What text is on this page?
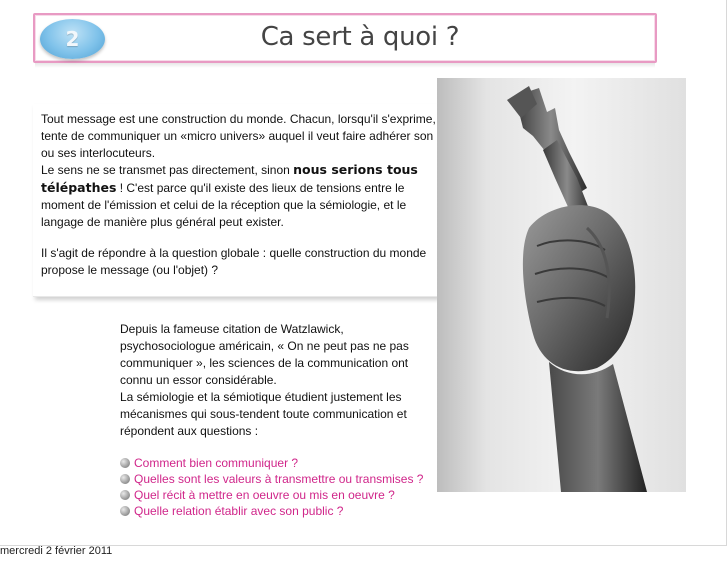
2	Ca sert à quoi ?

Tout message est une construction du monde. Chacun, lorsqu'il s'exprime, tente de communiquer un «micro univers» auquel il veut faire adhérer son ou ses interlocuteurs.

Le sens ne se transmet pas directement, sinon nous serions tous télépathes ! C'est parce qu'il existe des lieux de tensions entre le moment de l'émission et celui de la réception que la sémiologie, et le langage de manière plus général peut exister.

Il s'agit de répondre à la question globale : quelle construction du monde propose le message (ou l'objet) ?

Depuis la fameuse citation de Watzlawick, psychosociologue américain, « On ne peut pas ne pas communiquer », les sciences de la communication ont connu un essor considérable.

La sémiologie et la sémiotique étudient justement les mécanismes qui sous-tendent toute communication et répondent aux questions :

Comment bien communiquer ?
Quelles sont les valeurs à transmettre ou transmises ?
Quel récit à mettre en oeuvre ou mis en oeuvre ?
Quelle relation établir avec son public ?
mercredi 2 février 2011
